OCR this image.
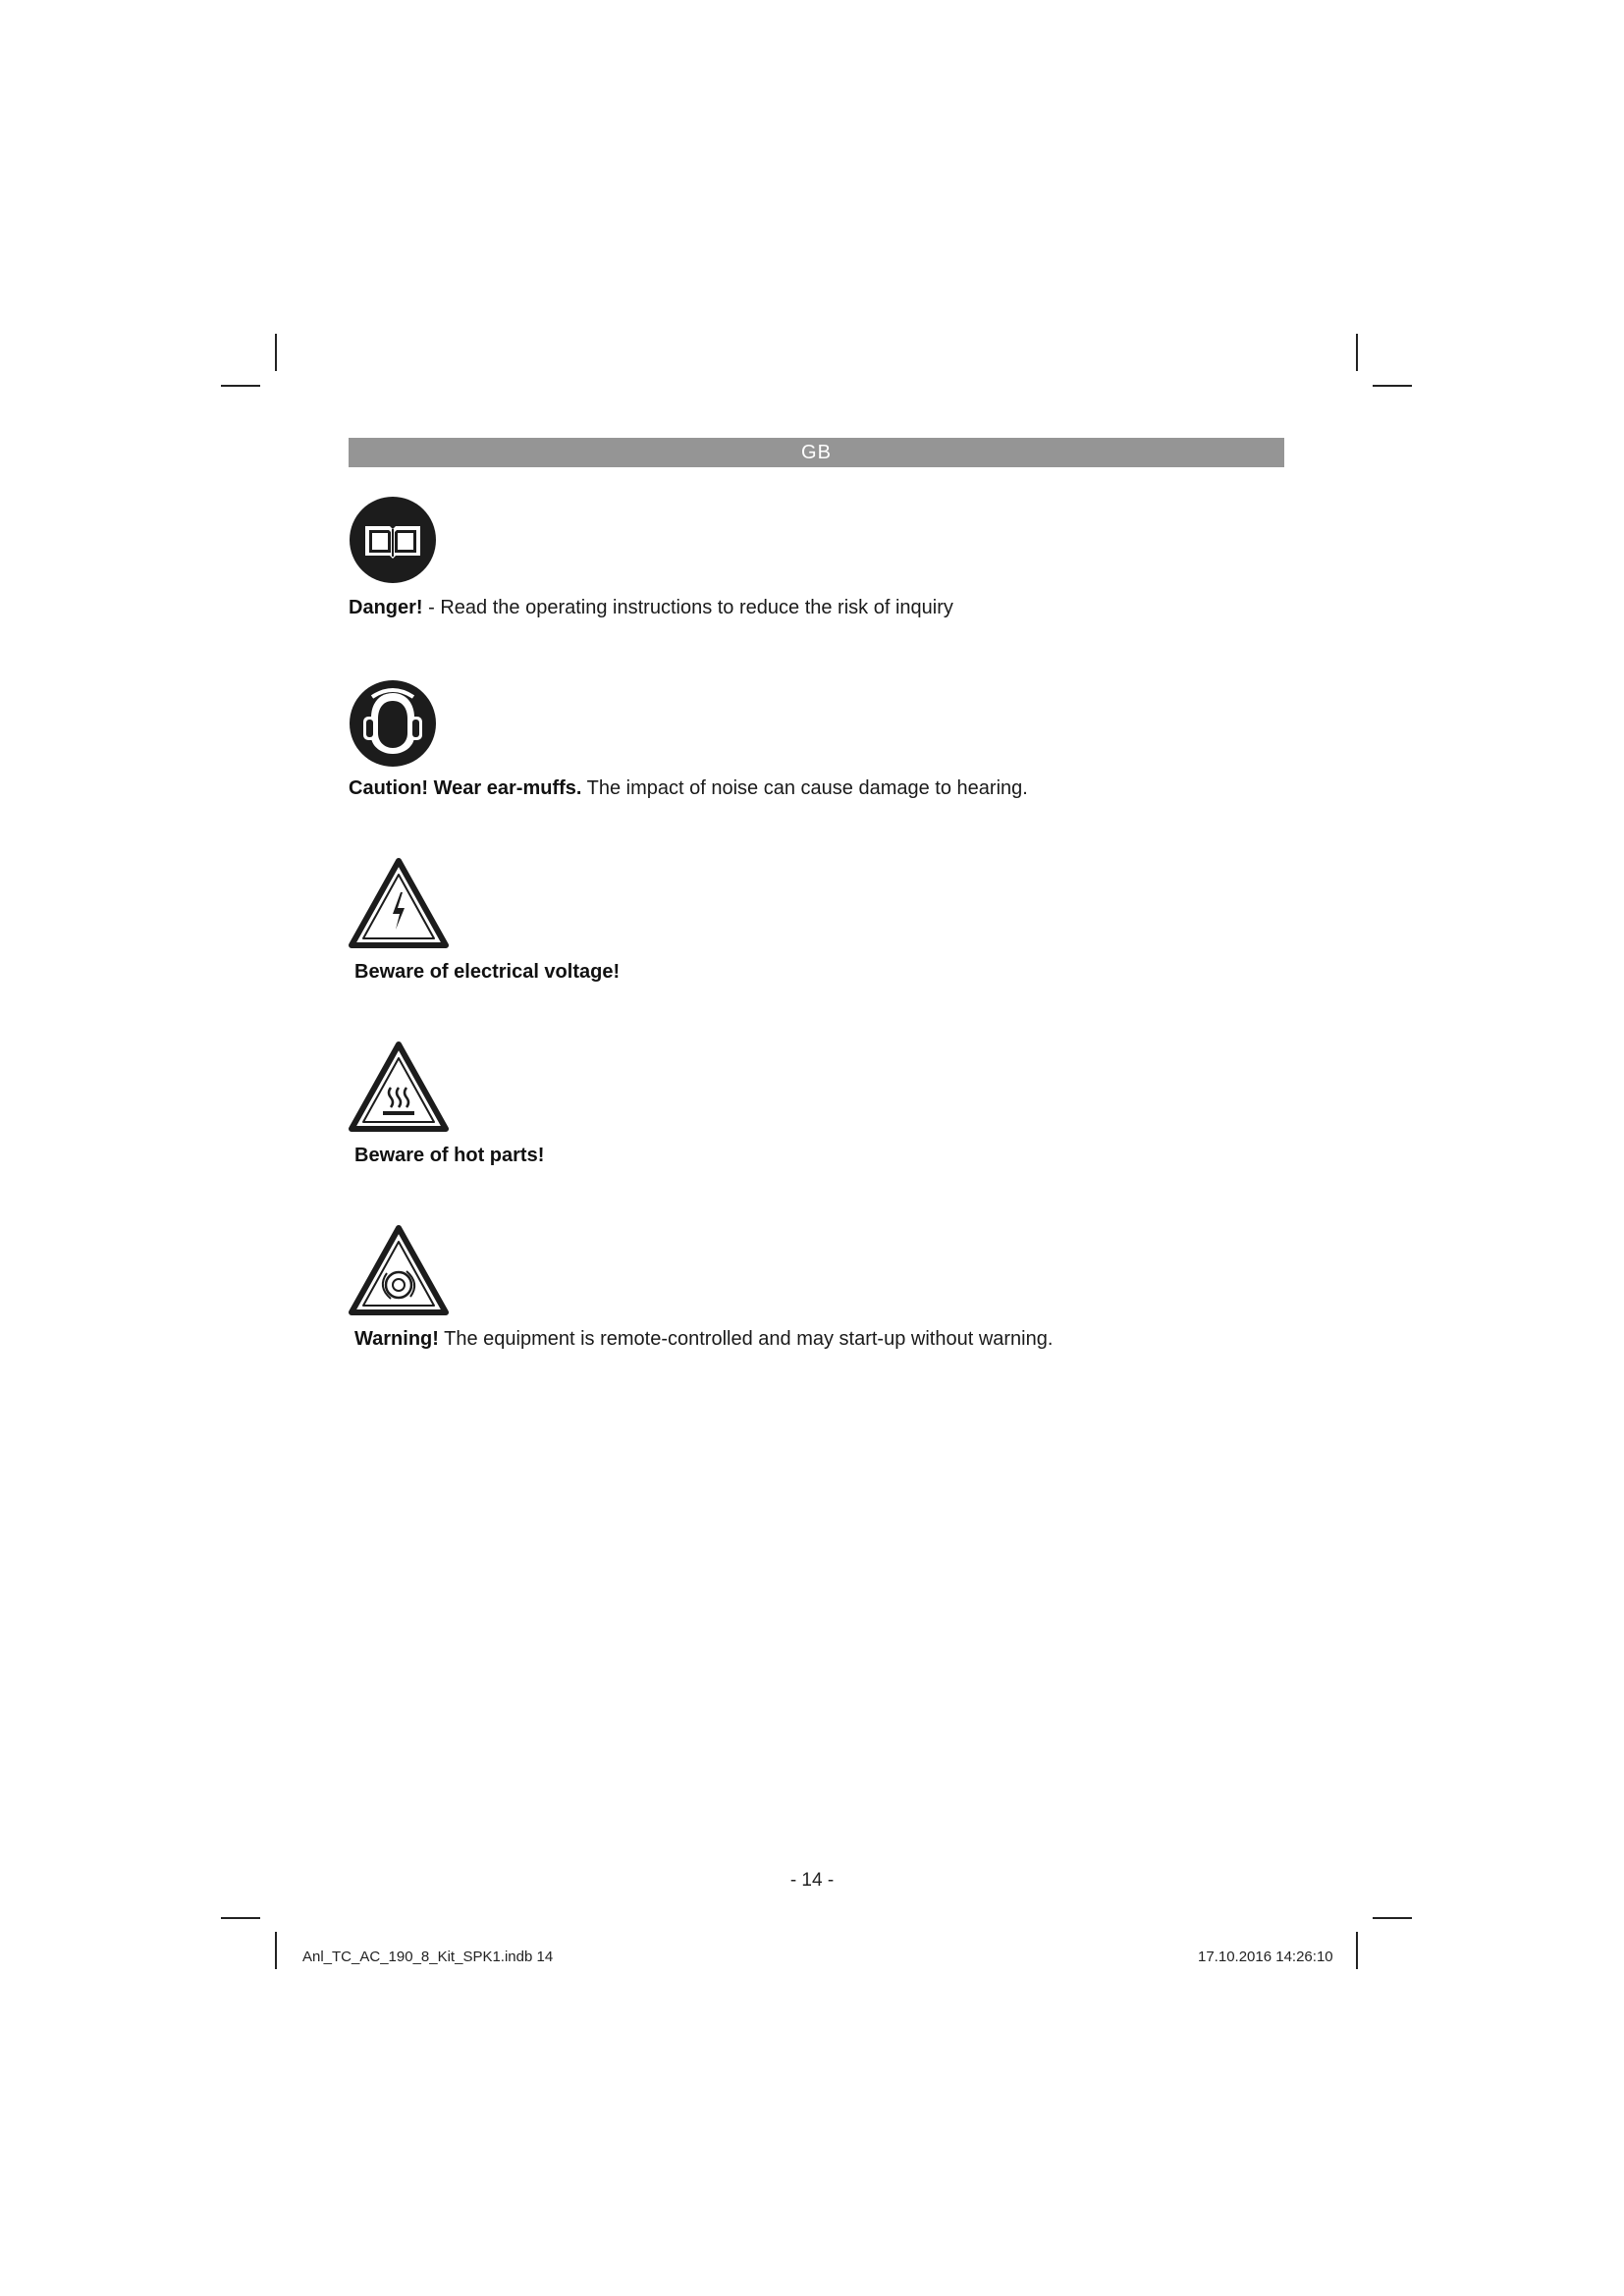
GB
Danger! - Read the operating instructions to reduce the risk of inquiry
Caution! Wear ear-muffs. The impact of noise can cause damage to hearing.
Beware of electrical voltage!
Beware of hot parts!
Warning! The equipment is remote-controlled and may start-up without warning.
- 14 -
Anl_TC_AC_190_8_Kit_SPK1.indb 14	17.10.2016 14:26:10
